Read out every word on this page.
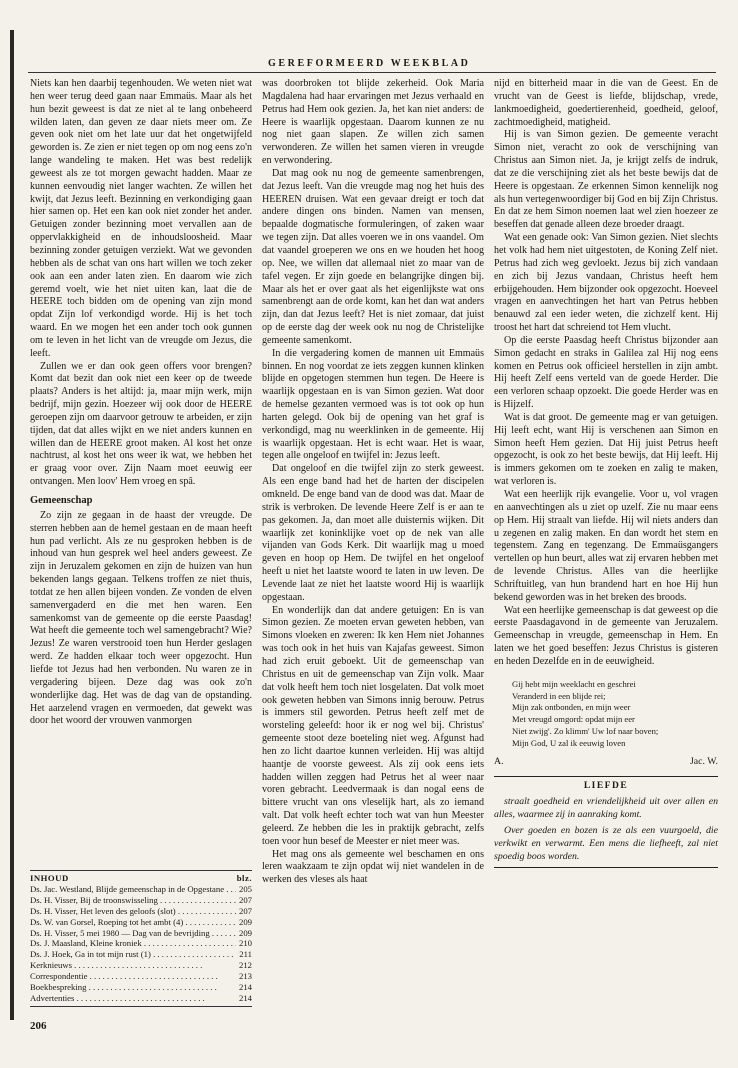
GEREFORMEERD WEEKBLAD

Niets kan hen daarbij tegenhouden. We weten niet wat hen weer terug deed gaan naar Emmaüs. Maar als het hun bezit geweest is dat ze niet al te lang onbeheerd wilden laten, dan geven ze daar niets meer om. Ze geven ook niet om het late uur dat het ongetwijfeld geworden is. Ze zien er niet tegen op om nog eens zo'n lange wandeling te maken. Het was best redelijk geweest als ze tot morgen gewacht hadden. Maar ze kunnen eenvoudig niet langer wachten. Ze willen het kwijt, dat Jezus leeft. Bezinning en verkondiging gaan hier samen op. Het een kan ook niet zonder het ander. Getuigen zonder bezinning moet vervallen aan de oppervlakkigheid en de inhoudsloosheid. Maar bezinning zonder getuigen verziekt. Wat we gevonden hebben als de schat van ons hart willen we toch zeker ook aan een ander laten zien. En daarom wie zich geremd voelt, wie het niet uiten kan, laat die de HEERE toch bidden om de opening van zijn mond opdat Zijn lof verkondigd worde. Hij is het toch waard. En we mogen het een ander toch ook gunnen om te leven in het licht van de vreugde om Jezus, die leeft.

Zullen we er dan ook geen offers voor brengen? Komt dat bezit dan ook niet een keer op de tweede plaats? Anders is het altijd: ja, maar mijn werk, mijn bedrijf, mijn gezin. Hoezeer wij ook door de HEERE geroepen zijn om daarvoor getrouw te arbeiden, er zijn tijden, dat dat alles wijkt en we niet anders kunnen en willen dan de HEERE groot maken. Al kost het onze nachtrust, al kost het ons weer ik wat, we hebben het er graag voor over. Zijn Naam moet eeuwig eer ontvangen. Men loov' Hem vroeg en spâ.

Gemeenschap

Zo zijn ze gegaan in de haast der vreugde. De sterren hebben aan de hemel gestaan en de maan heeft hun pad verlicht. Als ze nu gesproken hebben is de inhoud van hun gesprek wel heel anders geweest. Ze zijn in Jeruzalem gekomen en zijn de huizen van hun bekenden langs gegaan. Telkens troffen ze niet thuis, totdat ze hen allen bijeen vonden. Ze vonden de elven samenvergaderd en die met hen waren. Een samenkomst van de gemeente op die eerste Paasdag! Wat heeft die gemeente toch wel samengebracht? Wie? Jezus! Ze waren verstrooid toen hun Herder geslagen werd. Ze hadden elkaar toch weer opgezocht. Hun liefde tot Jezus had hen verbonden. Nu waren ze in vergadering bijeen. Deze dag was ook zo'n wonderlijke dag. Het was de dag van de opstanding. Het aarzelend vragen en vermoeden, dat gewekt was door het woord der vrouwen vanmorgen

INHOUD	blz.
Ds. Jac. Westland, Blijde gemeenschap in de Opgestane . . .	205
Ds. H. Visser, Bij de troonswisseling . . .	207
Ds. H. Visser, Het leven des geloofs (slot) . . .	207
Ds. W. van Gorsel, Roeping tot het ambt (4) . . .	209
Ds. H. Visser, 5 mei 1980 — Dag van de bevrijding . . .	209
Ds. J. Maasland, Kleine kroniek . . .	210
Ds. J. Hoek, Ga in tot mijn rust (1) . . .	211
Kerknieuws . . .	212
Correspondentie . . .	213
Boekbespreking . . .	214
Advertenties . . .	214
206

was doorbroken tot blijde zekerheid. Ook Maria Magdalena had haar ervaringen met Jezus verhaald en Petrus had Hem ook gezien. Ja, het kan niet anders: de Heere is waarlijk opgestaan. Daarom kunnen ze nu nog niet gaan slapen. Ze willen zich samen verwonderen. Ze willen het samen vieren in vreugde en verwondering.

Dat mag ook nu nog de gemeente samenbrengen, dat Jezus leeft. Van die vreugde mag nog het huis des HEEREN druisen. Wat een gevaar dreigt er toch dat andere dingen ons binden. Namen van mensen, bepaalde dogmatische formuleringen, of zaken waar we tegen zijn. Dat alles voeren we in ons vaandel. Om dat vaandel groeperen we ons en we houden het hoog op. Nee, we willen dat allemaal niet zo maar van de tafel vegen. Er zijn goede en belangrijke dingen bij. Maar als het er over gaat als het eigenlijkste wat ons samenbrengt aan de orde komt, kan het dan wat anders zijn, dan dat Jezus leeft? Het is niet zomaar, dat juist op de eerste dag der week ook nu nog de Christelijke gemeente samenkomt.

In die vergadering komen de mannen uit Emmaüs binnen. En nog voordat ze iets zeggen kunnen klinken blijde en opgetogen stemmen hun tegen. De Heere is waarlijk opgestaan en is van Simon gezien. Wat door de hemelse gezanten vermoed was is tot ook op hun harten gelegd. Ook bij de opening van het graf is verkondigd, mag nu weerklinken in de gemeente. Hij is waarlijk opgestaan. Het is echt waar. Het is waar, tegen alle ongeloof en twijfel in: Jezus leeft.

Dat ongeloof en die twijfel zijn zo sterk geweest. Als een enge band had het de harten der discipelen omkneld. De enge band van de dood was dat. Maar de strik is verbroken. De levende Heere Zelf is er aan te pas gekomen. Ja, dan moet alle duisternis wijken. Dit waarlijk zet koninklijke voet op de nek van alle vijanden van Gods Kerk. Dit waarlijk mag u moed geven en hoop op Hem. De twijfel en het ongeloof heeft u niet het laatste woord te laten in uw leven. De Levende laat ze niet het laatste woord Hij is waarlijk opgestaan.

En wonderlijk dan dat andere getuigen: En is van Simon gezien. Ze moeten ervan geweten hebben, van Simons vloeken en zweren: Ik ken Hem niet Johannes was toch ook in het huis van Kajafas geweest. Simon had zich eruit geboekt. Uit de gemeenschap van Christus en uit de gemeenschap van Zijn volk. Maar dat volk heeft hem toch niet losgelaten. Dat volk moet ook geweten hebben van Simons innig berouw. Petrus is immers stil geworden. Petrus heeft zelf met de worsteling geleefd: hoor ik er nog wel bij. Christus' gemeente stoot deze boeteling niet weg. Afgunst had hen zo licht daartoe kunnen verleiden. Hij was altijd haantje de voorste geweest. Als zij ook eens iets hadden willen zeggen had Petrus het al weer naar voren gebracht. Leedvermaak is dan nogal eens de bittere vrucht van ons vleselijk hart, als zo iemand valt. Dat volk heeft echter toch wat van hun Meester geleerd. Ze hebben die les in praktijk gebracht, zelfs toen voor hun besef de Meester er niet meer was.

Het mag ons als gemeente wel beschamen en ons leren waakzaam te zijn opdat wij niet wandelen in de werken des vleses als haat

nijd en bitterheid maar in die van de Geest. En de vrucht van de Geest is liefde, blijdschap, vrede, lankmoedigheid, goedertierenheid, goedheid, geloof, zachtmoedigheid, matigheid.

Hij is van Simon gezien. De gemeente veracht Simon niet, veracht zo ook de verschijning van Christus aan Simon niet. Ja, je krijgt zelfs de indruk, dat ze die verschijning ziet als het beste bewijs dat de Heere is opgestaan. Ze erkennen Simon kennelijk nog als hun vertegenwoordiger bij God en bij Zijn Christus. En dat ze hem Simon noemen laat wel zien hoezeer ze beseffen dat genade alleen deze broeder draagt.

Wat een genade ook: Van Simon gezien. Niet slechts het volk had hem niet uitgestoten, de Koning Zelf niet. Petrus had zich weg gevloekt. Jezus bij zich vandaan en zich bij Jezus vandaan, Christus heeft hem erbijgehouden. Hem bijzonder ook opgezocht. Hoeveel vragen en aanvechtingen het hart van Petrus hebben benauwd zal een ieder weten, die zichzelf kent. Hij troost het hart dat schreiend tot Hem vlucht.

Op die eerste Paasdag heeft Christus bijzonder aan Simon gedacht en straks in Galilea zal Hij nog eens komen en Petrus ook officieel herstellen in zijn ambt. Hij heeft Zelf eens verteld van de goede Herder. Die een verloren schaap opzoekt. Die goede Herder was en is Hijzelf.

Wat is dat groot. De gemeente mag er van getuigen. Hij leeft echt, want Hij is verschenen aan Simon en Simon heeft Hem gezien. Dat Hij juist Petrus heeft opgezocht, is ook zo het beste bewijs, dat Hij leeft. Hij is immers gekomen om te zoeken en zalig te maken, wat verloren is.

Wat een heerlijk rijk evangelie. Voor u, vol vragen en aanvechtingen als u ziet op uzelf. Zie nu maar eens op Hem. Hij straalt van liefde. Hij wil niets anders dan u zegenen en zalig maken. En dan wordt het stem en tegenstem. Zang en tegenzang. De Emmaüsgangers vertellen op hun beurt, alles wat zij ervaren hebben met de levende Christus. Alles van die heerlijke Schriftuitleg, van hun brandend hart en hoe Hij hun bekend geworden was in het breken des broods.

Wat een heerlijke gemeenschap is dat geweest op die eerste Paasdagavond in de gemeente van Jeruzalem. Gemeenschap in vreugde, gemeenschap in Hem. En laten we het goed beseffen: Jezus Christus is gisteren en heden Dezelfde en in de eeuwigheid.

Gij hebt mijn weeklacht en geschrei
Veranderd in een blijde rei;
Mijn zak ontbonden, en mijn weer
Met vreugd omgord: opdat mijn eer
Niet zwijg'. Zo klimm' Uw lof naar boven;
Mijn God, U zal ik eeuwig loven
A.	Jac. W.
LIEFDE

straalt goedheid en vriendelijkheid uit over allen en alles, waarmee zij in aanraking komt.

Over goeden en bozen is ze als een vuurgoeld, die verkwikt en verwarmt. Een mens die liefheeft, zal niet spoedig boos worden.
